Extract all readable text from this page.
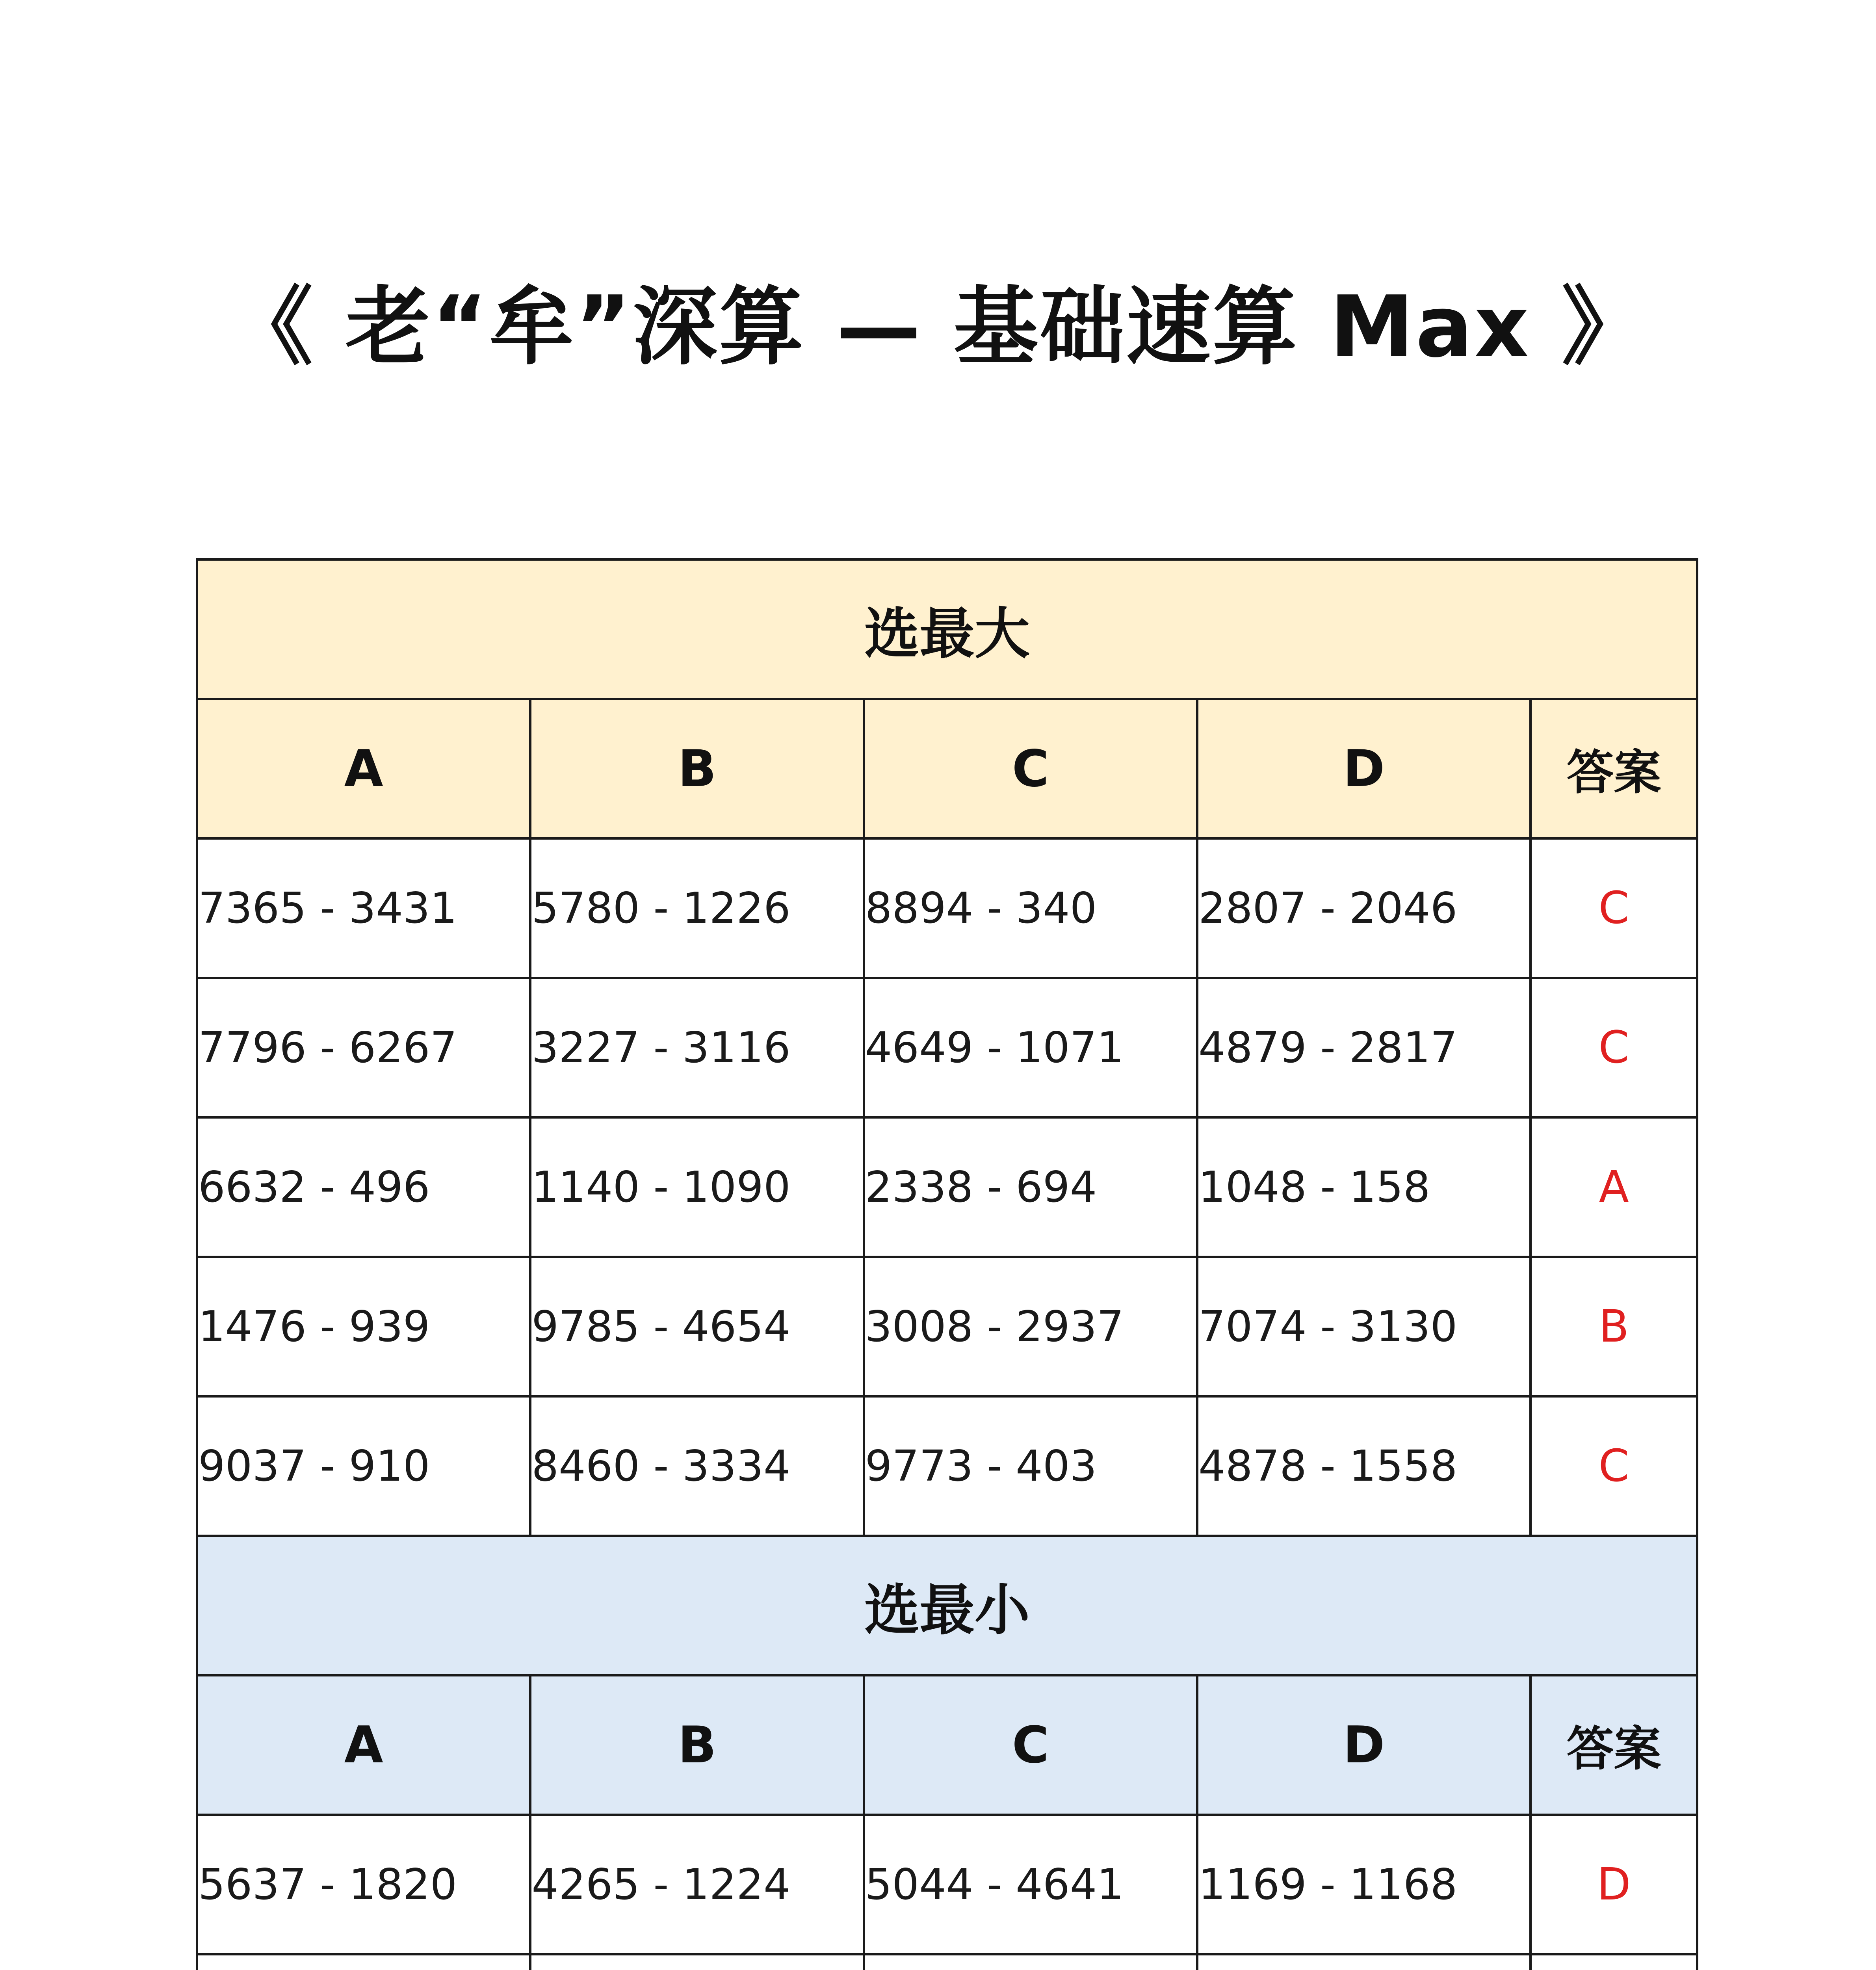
《 老“牟”深算 — 基础速算 Max 》
选最大				
A	B	C	D	答案
7365 - 3431	5780 - 1226	8894 - 340	2807 - 2046	C
7796 - 6267	3227 - 3116	4649 - 1071	4879 - 2817	C
6632 - 496	1140 - 1090	2338 - 694	1048 - 158	A
1476 - 939	9785 - 4654	3008 - 2937	7074 - 3130	B
9037 - 910	8460 - 3334	9773 - 403	4878 - 1558	C
选最小				
A	B	C	D	答案
5637 - 1820	4265 - 1224	5044 - 4641	1169 - 1168	D
